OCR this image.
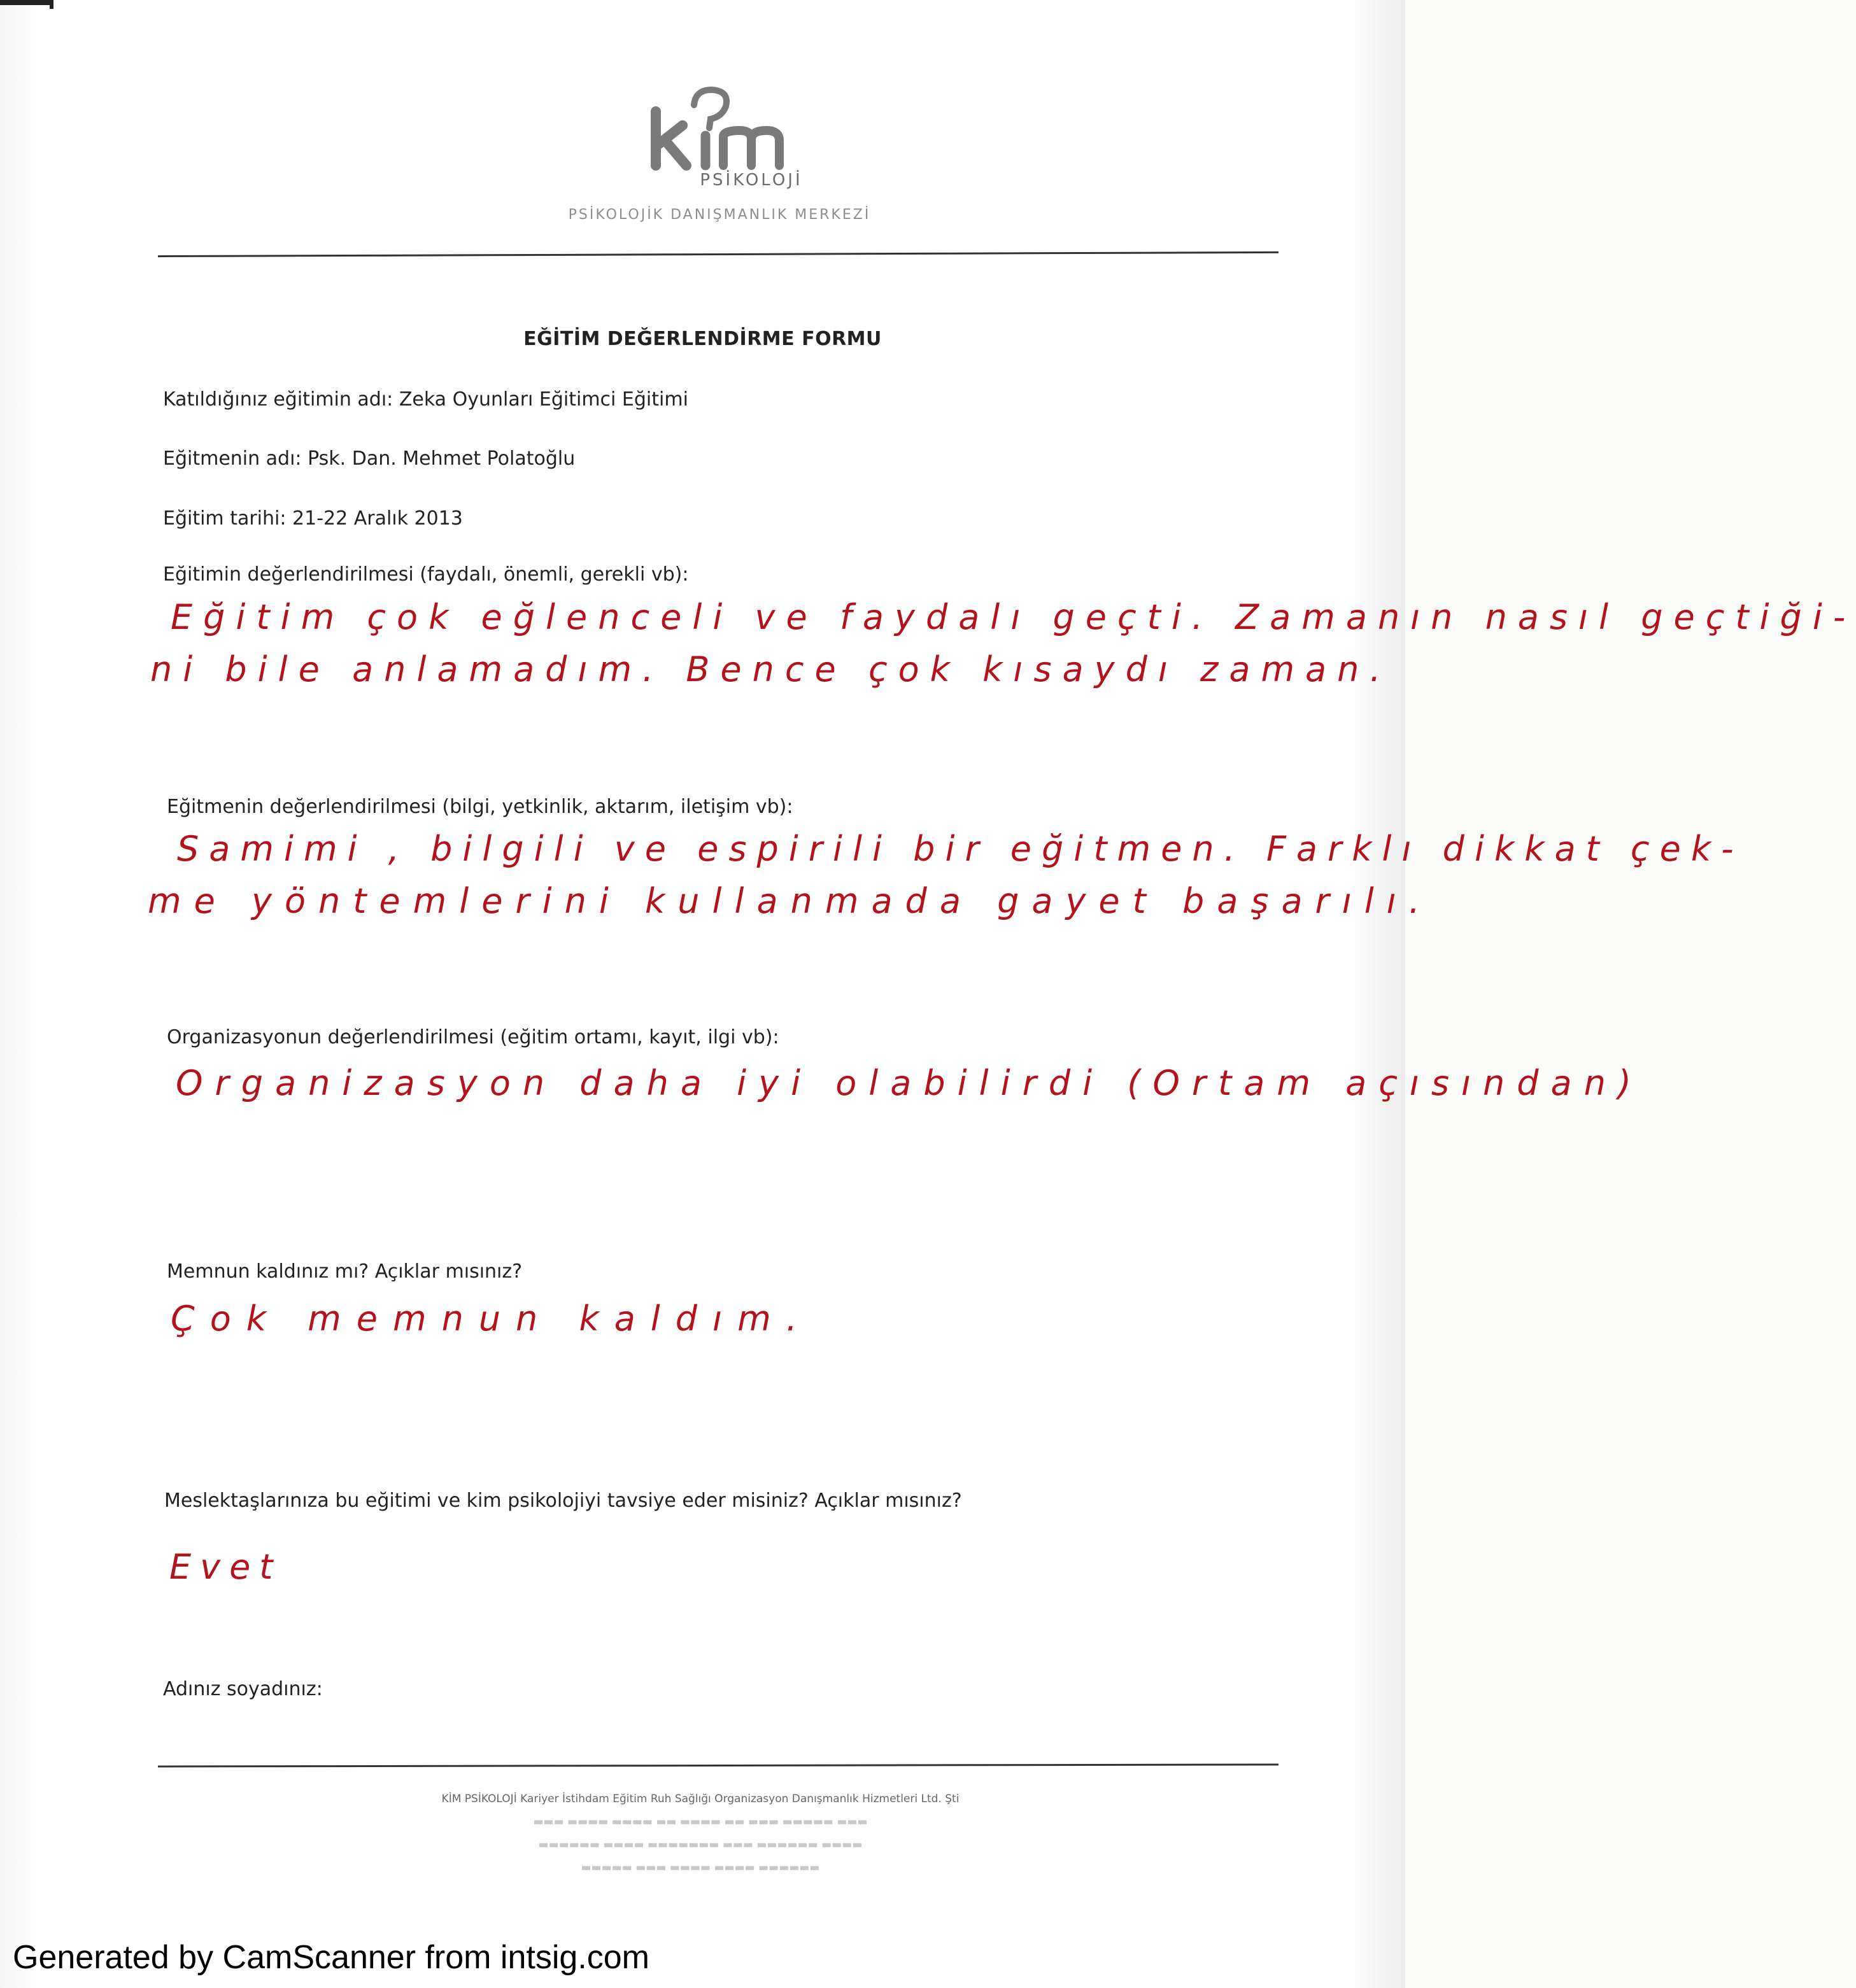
PSİKOLOJİ
PSİKOLOJİK DANIŞMANLIK MERKEZİ
EĞİTİM DEĞERLENDİRME FORMU
Katıldığınız eğitimin adı: Zeka Oyunları Eğitimci Eğitimi
Eğitmenin adı: Psk. Dan. Mehmet Polatoğlu
Eğitim tarihi: 21-22 Aralık 2013
Eğitimin değerlendirilmesi (faydalı, önemli, gerekli vb):
Eğitim çok eğlenceli ve faydalı geçti. Zamanın nasıl geçtiği-
ni bile anlamadım. Bence çok kısaydı zaman.
Eğitmenin değerlendirilmesi (bilgi, yetkinlik, aktarım, iletişim vb):
Samimi , bilgili ve espirili bir eğitmen. Farklı dikkat çek-
me yöntemlerini kullanmada gayet başarılı.
Organizasyonun değerlendirilmesi (eğitim ortamı, kayıt, ilgi vb):
Organizasyon daha iyi olabilirdi (Ortam açısından)
Memnun kaldınız mı? Açıklar mısınız?
Çok memnun kaldım.
Meslektaşlarınıza bu eğitimi ve kim psikolojiyi tavsiye eder misiniz? Açıklar mısınız?
Evet
Adınız soyadınız:
KİM PSİKOLOJİ Kariyer İstihdam Eğitim Ruh Sağlığı Organizasyon Danışmanlık Hizmetleri Ltd. Şti
▬▬▬ ▬▬▬▬ ▬▬▬▬ ▬▬ ▬▬▬▬ ▬▬ ▬▬▬ ▬▬▬▬▬ ▬▬▬
▬▬▬▬▬▬ ▬▬▬▬ ▬▬▬▬▬▬▬ ▬▬▬ ▬▬▬▬▬▬ ▬▬▬▬
▬▬▬▬▬ ▬▬▬ ▬▬▬▬ ▬▬▬▬ ▬▬▬▬▬▬
Generated by CamScanner from intsig.com
